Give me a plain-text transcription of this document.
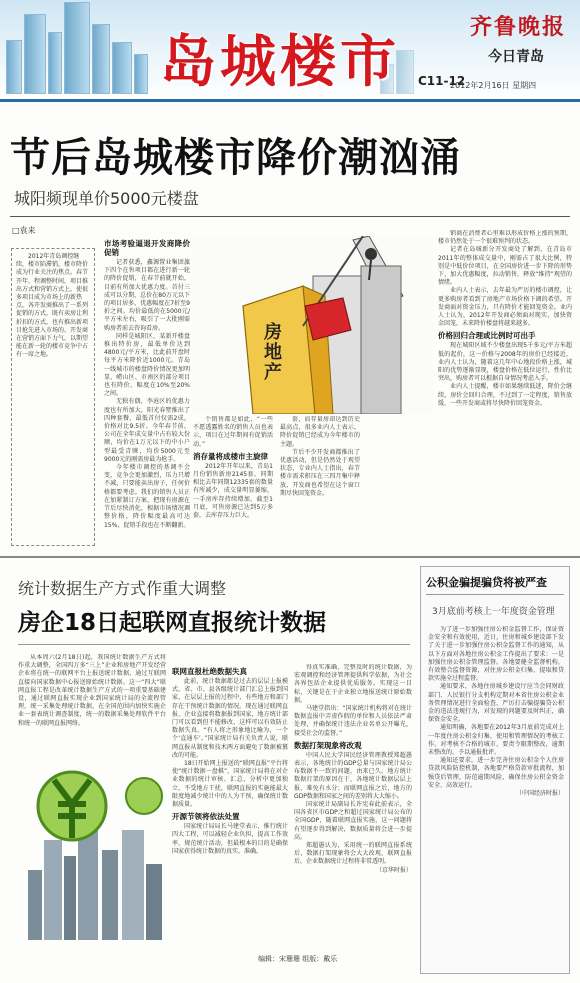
岛城楼市 C11-12
齐鲁晚报
今日青岛
2012年2月16日 星期四
节后岛城楼市降价潮汹涌
城阳频现单价5000元楼盘
□袁来

2012年青岛调控继续，楼市陷滞销，楼市降价成为行业关注的焦点。春节开年，程调整时间，项目推出方式和营销方式上，使很多项目成为市场上的新热点，各开发商推出了一系列促销的方式，既有卖房让利折扣的方式，也有推出新项目抢先进入市场的。开发商在营销方面下力气，以期望能在新一轮的楼市竞争中占有一席之地。

市场考验逼退开发商降价促销

记者获悉，鑫源置业集团旗下四个在售项目都在进行新一轮的降价促销，在春节前就开始，目前有所加大优惠力度。首付三成可以分期，总价在80万元以下的项目居多，优惠幅度在7折至9折之间。均价最低的在5000元/平方米左右，吸引了一大批刚需购房者前去咨询看房。

同样是城阳区，某新开楼盘推出特价房，最低单价达到4800元/平方米，比此前开盘时每平方米降价近1000元。青岛一线城市的楼盘降价情况更加明显，崂山区、市南区的部分项目也有降价，幅度在10%至20%之间。

无独有偶，李沧区的优惠力度也有所加大，阳光春墅推出了四种套餐，最低首付仅需2成，价格对比9.5折。今年春节前，公司在全年成交量中占有较大份额，均价在1万元以下的中小户型最受青睐，均价5000元至9000元的刚需房最为抢手。

今年楼市调控的基调不会变，竞争会更加激烈，压力只增不减，只要能卖出房子，任何价格都要考虑。我们的销售人员正在加紧制订方案，把现有房源在节后尽快消化，根据市场情况调整价格，降价幅度最高可达15%，促销手段也在不断翻新。

房地产

个销售都是如此，“一些不愿透露姓名的销售人员也表示，项目在过年期间有促销活动。”

消存量将成楼市主旋律

2012年开年以来，青岛1月份销售新房2145套，同期相比去年同期12335套的数量有所减少，成交量明显萎缩，一手房库存持续增加，截至1月底，可售房源已达到5万多套，去库存压力巨大。

套，而存量房却达到历史最高点，很多业内人士表示，降价促销已经成为今年楼市的主题。

节后不少开发商都推出了优惠活动，但是仍然处于观望状态，专业内人士指出，春节楼市需求积压在三四月集中释放，开发商也希望在这个窗口期尽快回笼资金。

销商在消费者心里难以形成价格上涨的预期，楼市仍然处于一个很难预判的状态。

记者在岛城新分开发商处了解到，在青岛市2011年的整体成交量中，刚需占了很大比例，特别是中低价位项目，在全国房价进一步下降的形势下，加大优惠幅度，拉动销售，释放“维持”观望的情绪。

业内人士表示，去年最为严厉的楼市调控，让更多购房者看到了房地产市场价格下调的希望。开发商面对资金压力，只有降价才能回笼资金。业内人士认为，2012年开发商必须面对现实，加快资金回笼，未来降价楼盘将越来越多。

价格回归合理或比例时可出手

现在城阳区域不少楼盘出现5千多元/平方米超低的起价，这一价格与2008年的房价已经接近，业内人士认为，随着这几年中心地段价格上涨，城阳的优势逐渐显现，楼盘价格在低位运行，性价比突出，购房者可以根据自身情况考虑入手。

业内人士提醒，楼市如果继续低迷，降价会继续，房价会回归合理，不过到了一定程度，销售放缓，一些开发商或将尽快降价回笼资金。

统计数据生产方式作重大调整
房企18日起联网直报统计数据

从本周六(2月18日)起，我国统计数据生产方式将作重大调整，全国四万多“三上”企业和房地产开发经营企业将在统一的联网平台上报送统计数据，通过互联网直接向国家数据中心报送原始统计数据。这一“四大”联网直报工程是改革统计数据生产方式的一项重要基础建设，通过联网直报实现企业到国家统计局的全流程管理，统一采集处理统计数据，在全国范围内加快实施企业一套表统计调查制度，统一的数据采集处理软件平台和统一的联网直报网络。

联网直报杜绝数据失真

此前，统计数据都是过去的层层上报模式，省、市、县各级统计部门汇总上报到国家，在层层上报的过程中，有些地方和部门存在干预统计数据的情况。现在通过联网直报，企业直接将数据报到国家，地方统计部门可以看到但不能修改，这样可以有效防止数据失真。“有人将之形象地比喻为，一个个‘直通车’。”国家统计局有关负责人说，联网直报从制度和技术两方面避免了数据被篡改的可能。

18日开始网上报送的“联网直报”平台将使“统计数据一盘棋”，国家统计局将在对企业数据的统计审核、汇总、分析中更加独立，不受地方干扰，联网直报的实施能最大限度地减少统计中的人为干预，确保统计数据质量。

开源节领将依法处置

国家统计局局长马建堂表示，推行统计四大工程，可以减轻企业负担，提高工作效率，规范统计活动，但最根本的目的是确保国家获得统计数据的真实、准确。

得真实准确、完整及时的统计数据，为宏观调控和经济管理提供科学依据，为社会各界包括企业提供优质服务。实现这一目标，关键是在于企业独立地报送统计原始数据。

马建堂指出：“国家统计机构将对在统计数据直报中弄虚作假的单位和人员依法严肃处理，并确保统计违法企业名单公开曝光，接受社会的监督。”

数据打架现象将改观

中国人民大学国民经济管理教授郑超愚表示，各地统计的GDP总量与国家统计局公布数据不一致的问题，由来已久。地方统计数据打架的原因在于，各地统计数据层层上报，难免有水分；而联网直报之后，地方的GDP数据和国家之间的差别将大大缩小。

国家统计局副局长许宪春此前表示，全国各省区市GDP之和超过国家统计局公布的全国GDP，随着联网直报实施，这一问题将有望逐步得到解决，数据质量将会进一步提高。

郑超愚认为，采用统一的联网直报系统后，数据打架现象将会大大改观，联网直报后，企业数据统计过程将非常透明。

（京华时报）

公积金骗提骗贷将被严查
3月底前考核上一年度资金管理

为了进一步加强住房公积金监督工作，保证资金安全和有效使用，近日，住房和城乡建设部下发了关于进一步加强住房公积金监督工作的通知，从以下方面对各地住房公积金工作提出了要求：一是加强住房公积金管理监督。各地要健全监督机构，有效整合监督资源，对住房公积金归集、提取和贷款实施全过程监督。

通知要求，各地住房城乡建设厅应当会同财政部门、人民银行分支机构定期对本省住房公积金业务管理情况进行全面检查，严厉打击骗提骗贷公积金的违法违规行为，对发现的问题要及时纠正，确保资金安全。

通知明确，各地要在2012年3月底前完成对上一年度住房公积金归集、使用和管理情况的考核工作。对考核不合格的城市，要责令限期整改，逾期未整改的，予以通报批评。

通知还要求，进一步完善住房公积金个人住房贷款风险防控机制，各地要严格贷款审批流程，加强贷后管理，防范逾期风险，确保住房公积金资金安全、高效运行。

（中国经济时报）

编辑：宋珊珊 组版：戴乐
